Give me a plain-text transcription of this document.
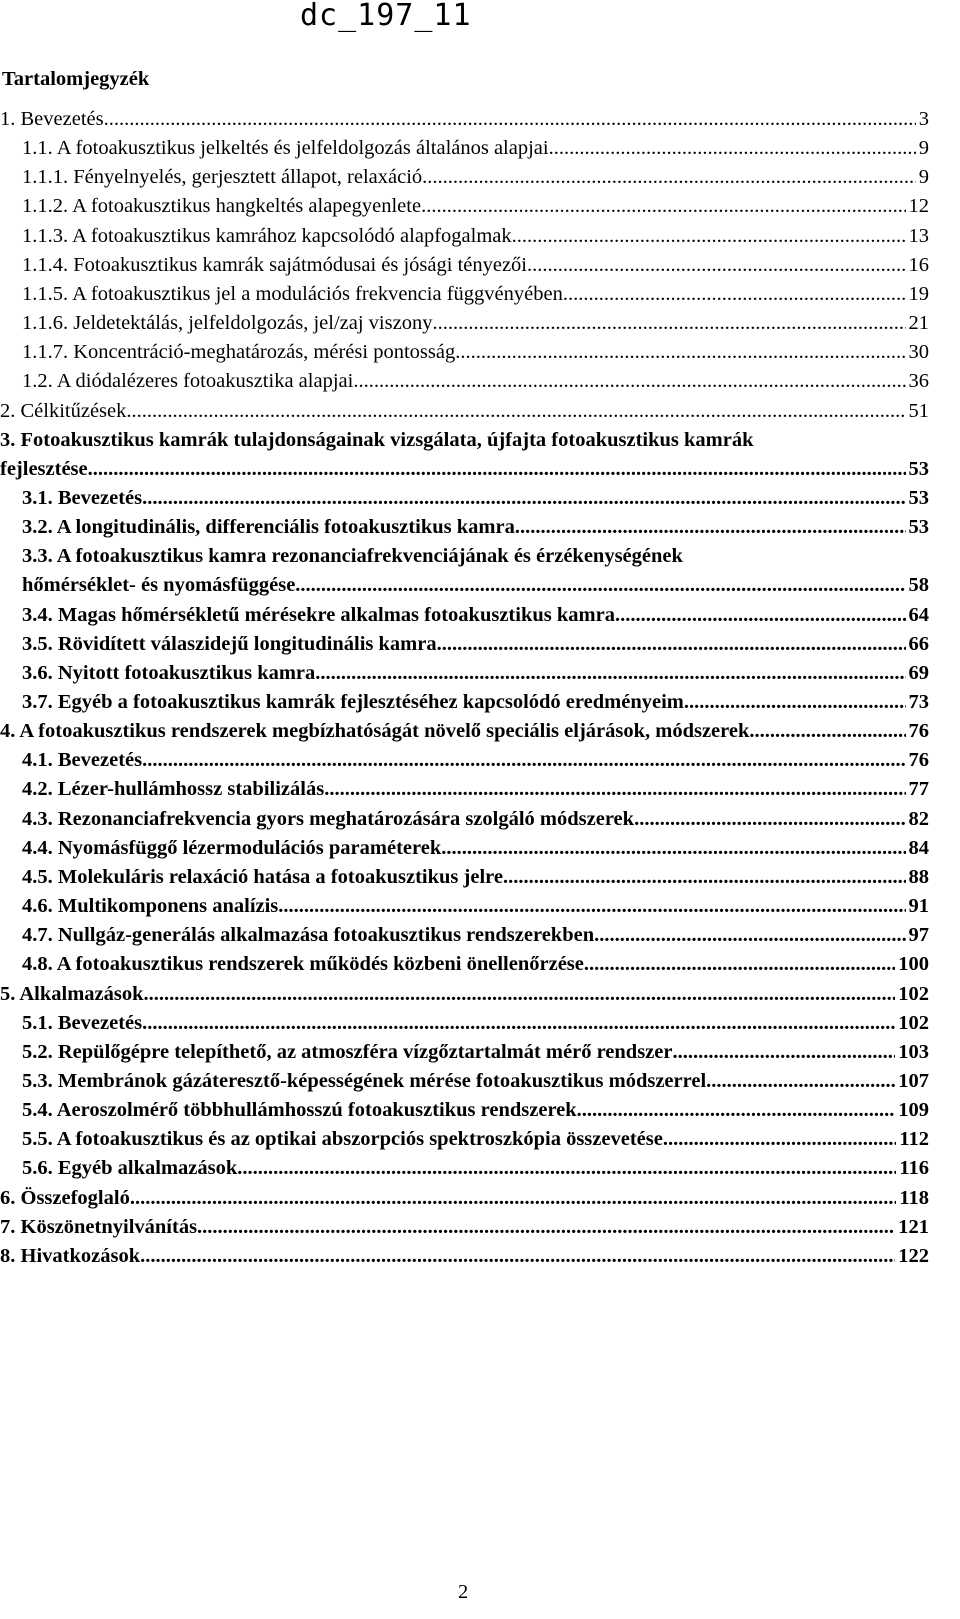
dc_197_11
Tartalomjegyzék
1. Bevezetés .....	3
1.1. A fotoakusztikus jelkeltés és jelfeldolgozás általános alapjai .....	9
1.1.1. Fényelnyelés, gerjesztett állapot, relaxáció .....	9
1.1.2. A fotoakusztikus hangkeltés alapegyenlete .....	12
1.1.3. A fotoakusztikus kamrához kapcsolódó alapfogalmak .....	13
1.1.4. Fotoakusztikus kamrák sajátmódusai és jósági tényezői .....	16
1.1.5. A fotoakusztikus jel a modulációs frekvencia függvényében .....	19
1.1.6. Jeldetektálás, jelfeldolgozás, jel/zaj viszony .....	21
1.1.7. Koncentráció-meghatározás, mérési pontosság .....	30
1.2. A diódalézeres fotoakusztika alapjai .....	36
2. Célkitűzések .....	51
3. Fotoakusztikus kamrák tulajdonságainak vizsgálata, újfajta fotoakusztikus kamrák
fejlesztése .....	53
3.1. Bevezetés .....	53
3.2. A longitudinális, differenciális fotoakusztikus kamra .....	53
3.3. A fotoakusztikus kamra rezonanciafrekvenciájának és érzékenységének
hőmérséklet- és nyomásfüggése .....	58
3.4. Magas hőmérsékletű mérésekre alkalmas fotoakusztikus kamra .....	64
3.5. Rövidített válaszidejű longitudinális kamra .....	66
3.6. Nyitott fotoakusztikus kamra .....	69
3.7. Egyéb a fotoakusztikus kamrák fejlesztéséhez kapcsolódó eredményeim .....	73
4. A fotoakusztikus rendszerek megbízhatóságát növelő speciális eljárások, módszerek .....	76
4.1. Bevezetés .....	76
4.2. Lézer-hullámhossz stabilizálás .....	77
4.3. Rezonanciafrekvencia gyors meghatározására szolgáló módszerek .....	82
4.4. Nyomásfüggő lézermodulációs paraméterek .....	84
4.5. Molekuláris relaxáció hatása a fotoakusztikus jelre .....	88
4.6. Multikomponens analízis .....	91
4.7. Nullgáz-generálás alkalmazása fotoakusztikus rendszerekben .....	97
4.8. A fotoakusztikus rendszerek működés közbeni önellenőrzése .....	100
5. Alkalmazások .....	102
5.1. Bevezetés .....	102
5.2. Repülőgépre telepíthető, az atmoszféra vízgőztartalmát mérő rendszer .....	103
5.3. Membránok gázáteresztő-képességének mérése fotoakusztikus módszerrel .....	107
5.4. Aeroszolmérő többhullámhosszú fotoakusztikus rendszerek .....	109
5.5. A fotoakusztikus és az optikai abszorpciós spektroszkópia összevetése .....	112
5.6. Egyéb alkalmazások .....	116
6. Összefoglaló .....	118
7. Köszönetnyilvánítás .....	121
8. Hivatkozások .....	122
2
